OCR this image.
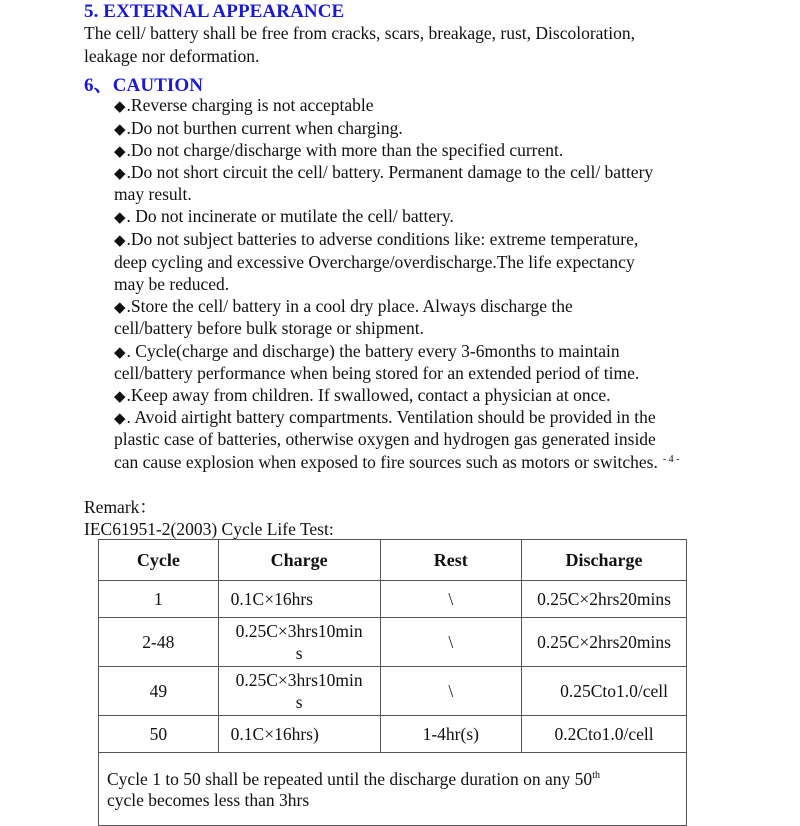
5. EXTERNAL APPEARANCE
The cell/ battery shall be free from cracks, scars, breakage, rust, Discoloration,
leakage nor deformation.
6、CAUTION
◆.Reverse charging is not acceptable
◆.Do not burthen current when charging.
◆.Do not charge/discharge with more than the specified current.
◆.Do not short circuit the cell/ battery. Permanent damage to the cell/ battery
may result.
◆. Do not incinerate or mutilate the cell/ battery.
◆.Do not subject batteries to adverse conditions like: extreme temperature,
deep cycling and excessive Overcharge/overdischarge.The life expectancy
may be reduced.
◆.Store the cell/ battery in a cool dry place. Always discharge the
cell/battery before bulk storage or shipment.
◆. Cycle(charge and discharge) the battery every 3-6months to maintain
cell/battery performance when being stored for an extended period of time.
◆.Keep away from children. If swallowed, contact a physician at once.
◆. Avoid airtight battery compartments. Ventilation should be provided in the
plastic case of batteries, otherwise oxygen and hydrogen gas generated inside
can cause explosion when exposed to fire sources such as motors or switches. $^{- 4 -}$
Remark：
IEC61951-2(2003) Cycle Life Test:
Cycle	Charge	Rest	Discharge
1	0.1C×16hrs	\	0.25C×2hrs20mins
2-48	0.25C×3hrs10min
s	\	0.25C×2hrs20mins
49	0.25C×3hrs10min
s	\	0.25Cto1.0/cell
50	0.1C×16hrs)	1-4hr(s)	0.2Cto1.0/cell
Cycle 1 to 50 shall be repeated until the discharge duration on any 50th
cycle becomes less than 3hrs			
